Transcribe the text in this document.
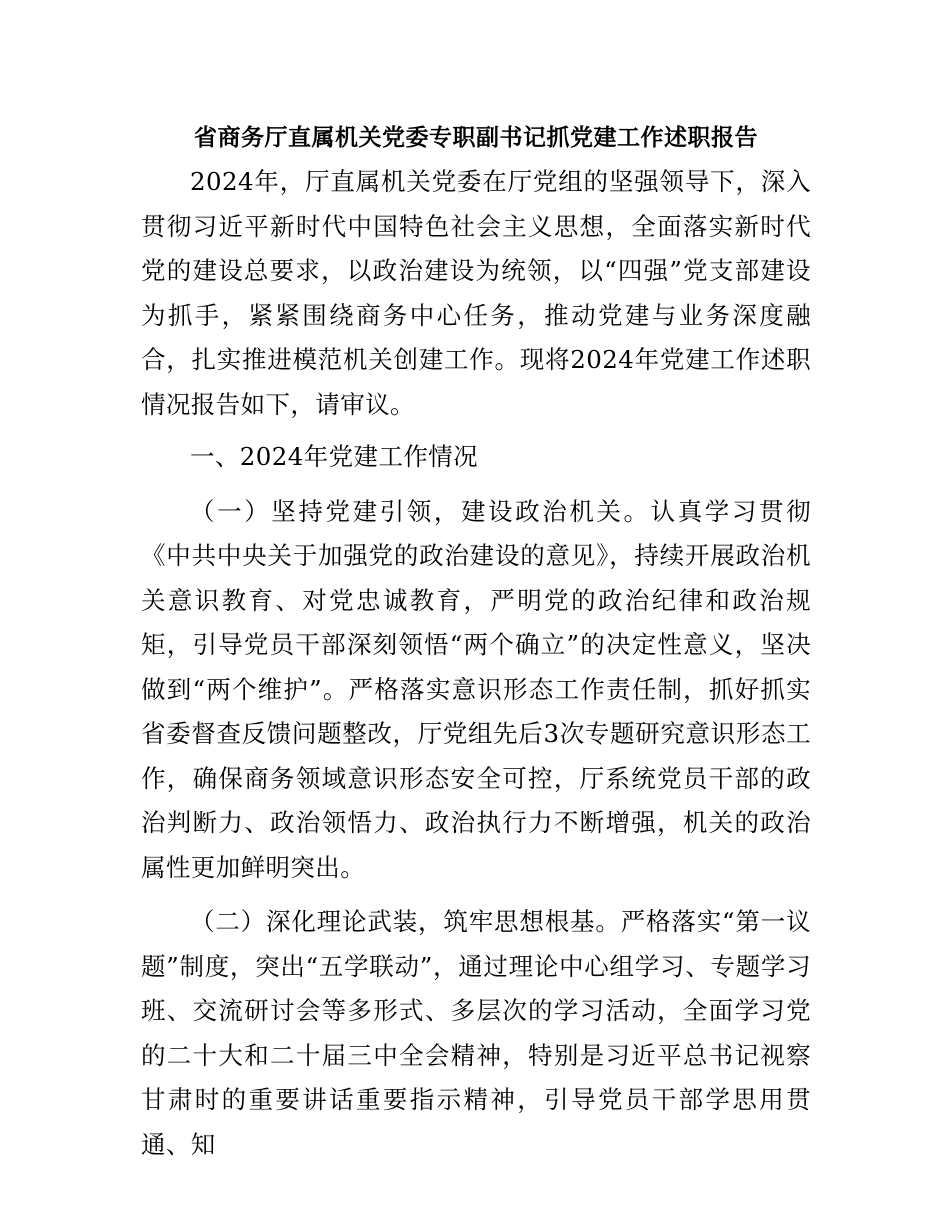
省商务厅直属机关党委专职副书记抓党建工作述职报告

2024年，厅直属机关党委在厅党组的坚强领导下，深入贯彻习近平新时代中国特色社会主义思想，全面落实新时代党的建设总要求，以政治建设为统领，以“四强”党支部建设为抓手，紧紧围绕商务中心任务，推动党建与业务深度融合，扎实推进模范机关创建工作。现将2024年党建工作述职情况报告如下，请审议。

一、2024年党建工作情况

（一）坚持党建引领，建设政治机关。认真学习贯彻《中共中央关于加强党的政治建设的意见》，持续开展政治机关意识教育、对党忠诚教育，严明党的政治纪律和政治规矩，引导党员干部深刻领悟“两个确立”的决定性意义，坚决做到“两个维护”。严格落实意识形态工作责任制，抓好抓实省委督查反馈问题整改，厅党组先后3次专题研究意识形态工作，确保商务领域意识形态安全可控，厅系统党员干部的政治判断力、政治领悟力、政治执行力不断增强，机关的政治属性更加鲜明突出。

（二）深化理论武装，筑牢思想根基。严格落实“第一议题”制度，突出“五学联动”，通过理论中心组学习、专题学习班、交流研讨会等多形式、多层次的学习活动，全面学习党的二十大和二十届三中全会精神，特别是习近平总书记视察甘肃时的重要讲话重要指示精神，引导党员干部学思用贯通、知
